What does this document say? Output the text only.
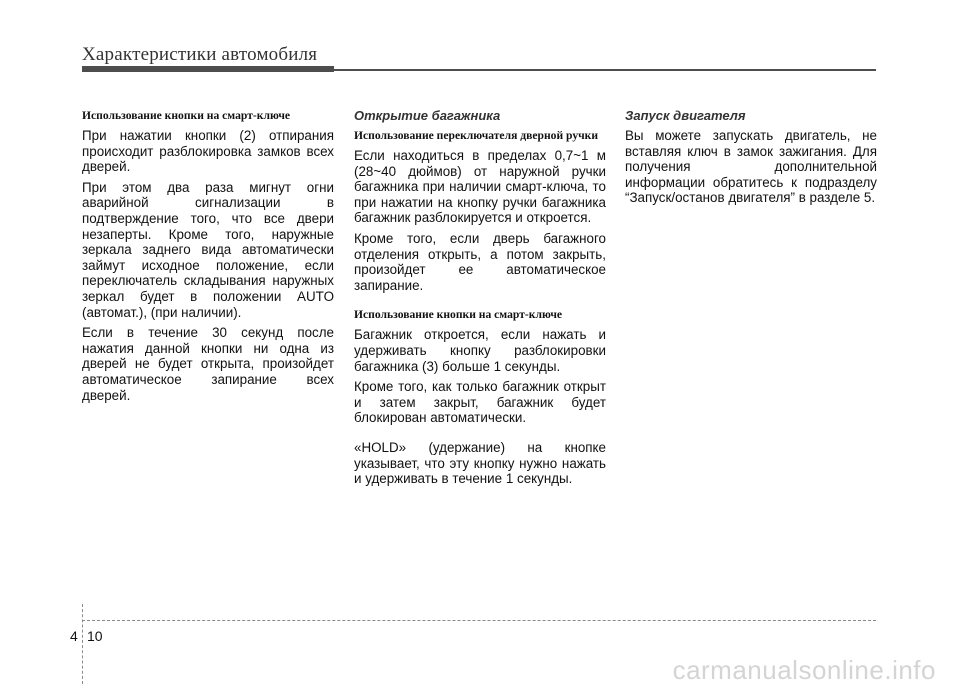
Характеристики автомобиля
Использование кнопки на смарт-ключе

При нажатии кнопки (2) отпирания происходит разблокировка замков всех дверей.

При этом два раза мигнут огни аварийной сигнализации в подтверждение того, что все двери незаперты. Кроме того, наружные зеркала заднего вида автоматически займут исходное положение, если переключатель складывания наружных зеркал будет в положении AUTO (автомат.), (при наличии).

Если в течение 30 секунд после нажатия данной кнопки ни одна из дверей не будет открыта, произойдет автоматическое запирание всех дверей.

Открытие багажника
Использование переключателя дверной ручки

Если находиться в пределах 0,7~1 м (28~40 дюймов) от наружной ручки багажника при наличии смарт-ключа, то при нажатии на кнопку ручки багажника багажник разблокируется и откроется.

Кроме того, если дверь багажного отделения открыть, а потом закрыть, произойдет ее автоматическое запирание.

Использование кнопки на смарт-ключе

Багажник откроется, если нажать и удерживать кнопку разблокировки багажника (3) больше 1 секунды.

Кроме того, как только багажник открыт и затем закрыт, багажник будет блокирован автоматически.

«HOLD» (удержание) на кнопке указывает, что эту кнопку нужно нажать и удерживать в течение 1 секунды.

Запуск двигателя

Вы можете запускать двигатель, не вставляя ключ в замок зажигания. Для получения дополнительной информации обратитесь к подразделу “Запуск/останов двигателя” в разделе 5.

4 10
carmanualsonline.info
